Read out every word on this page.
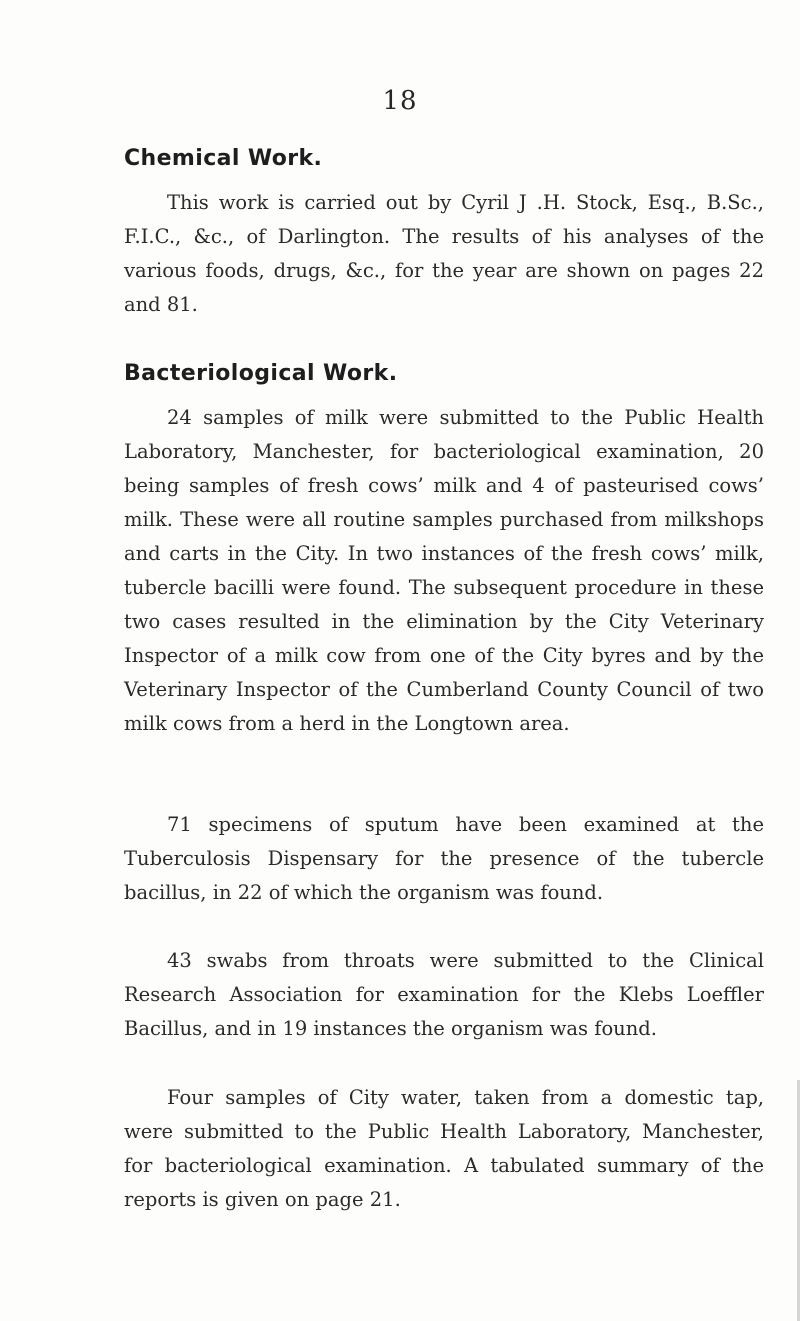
18
Chemical Work.

This work is carried out by Cyril J .H. Stock, Esq., B.Sc., F.I.C., &c., of Darlington. The results of his analyses of the various foods, drugs, &c., for the year are shown on pages 22 and 81.

Bacteriological Work.

24 samples of milk were submitted to the Public Health Laboratory, Manchester, for bacteriological examination, 20 being samples of fresh cows’ milk and 4 of pasteurised cows’ milk. These were all routine samples purchased from milkshops and carts in the City. In two instances of the fresh cows’ milk, tubercle bacilli were found. The subsequent procedure in these two cases resulted in the elimination by the City Veterinary Inspector of a milk cow from one of the City byres and by the Veterinary Inspector of the Cumberland County Council of two milk cows from a herd in the Longtown area.

71 specimens of sputum have been examined at the Tuberculosis Dispensary for the presence of the tubercle bacillus, in 22 of which the organism was found.

43 swabs from throats were submitted to the Clinical Research Association for examination for the Klebs Loeffler Bacillus, and in 19 instances the organism was found.

Four samples of City water, taken from a domestic tap, were submitted to the Public Health Laboratory, Manchester, for bacteriological examination. A tabulated summary of the reports is given on page 21.
